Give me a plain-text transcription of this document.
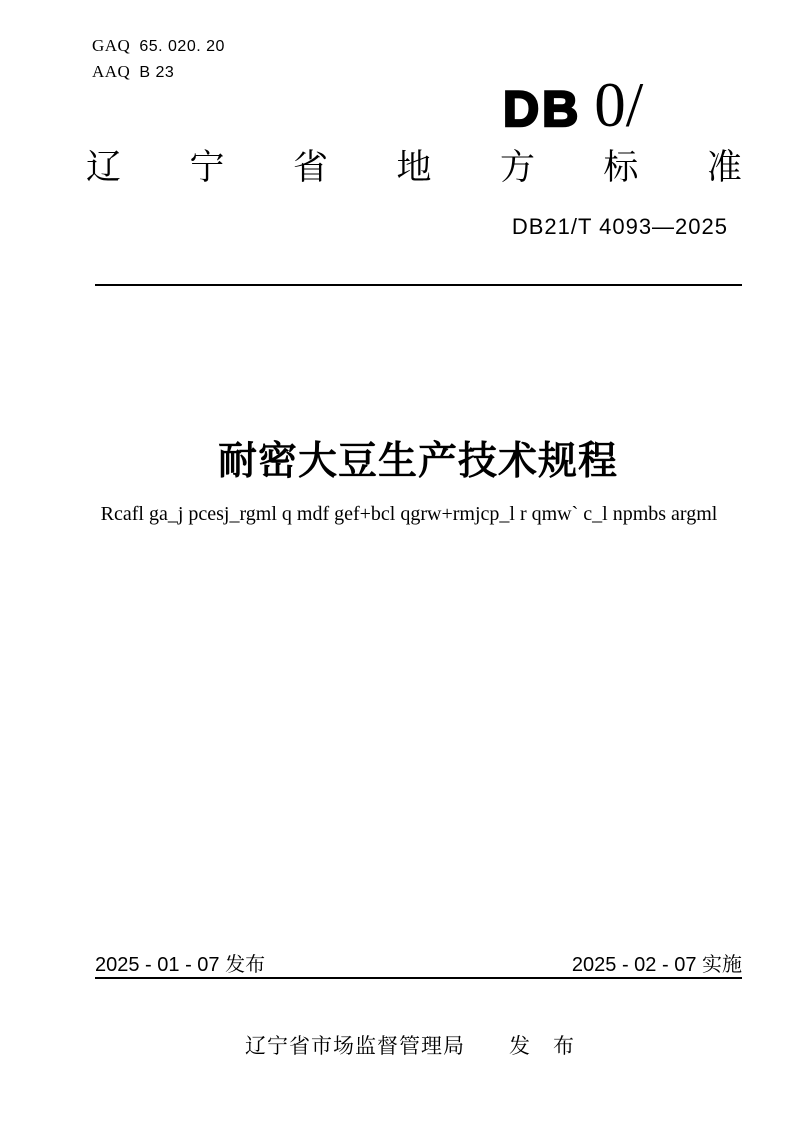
GAQ 65. 020. 20
AAQ B 23
DB 0/
辽 宁 省 地 方 标 准
DB21/T 4093—2025
耐密大豆生产技术规程
Rcafl ga_j pcesj_rgml q mdf gef+bcl qgrw+rmjcp_l r qmw` c_l npmbs argml
2025 - 01 - 07 发布	2025 - 02 - 07 实施
辽宁省市场监督管理局　　发　布
